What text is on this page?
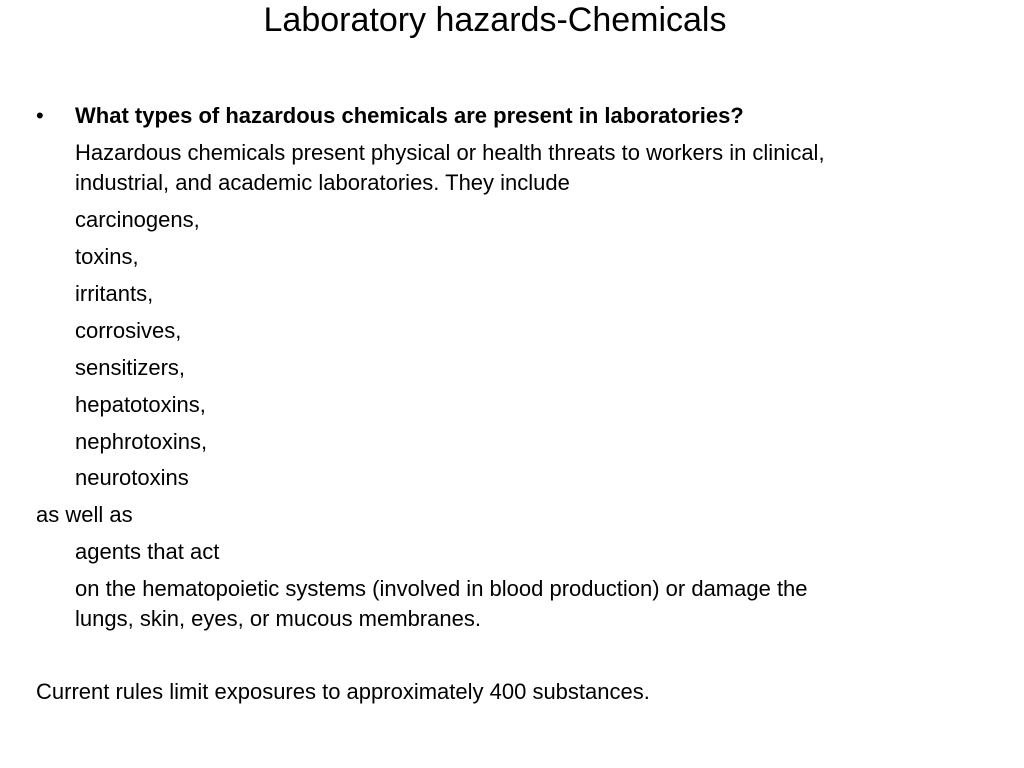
Laboratory hazards-Chemicals
• What types of hazardous chemicals are present in laboratories?
Hazardous chemicals present physical or health threats to workers in clinical,
industrial, and academic laboratories. They include
carcinogens,
toxins,
irritants,
corrosives,
sensitizers,
hepatotoxins,
nephrotoxins,
neurotoxins
as well as
agents that act
on the hematopoietic systems (involved in blood production) or damage the
lungs, skin, eyes, or mucous membranes.
Current rules limit exposures to approximately 400 substances.
